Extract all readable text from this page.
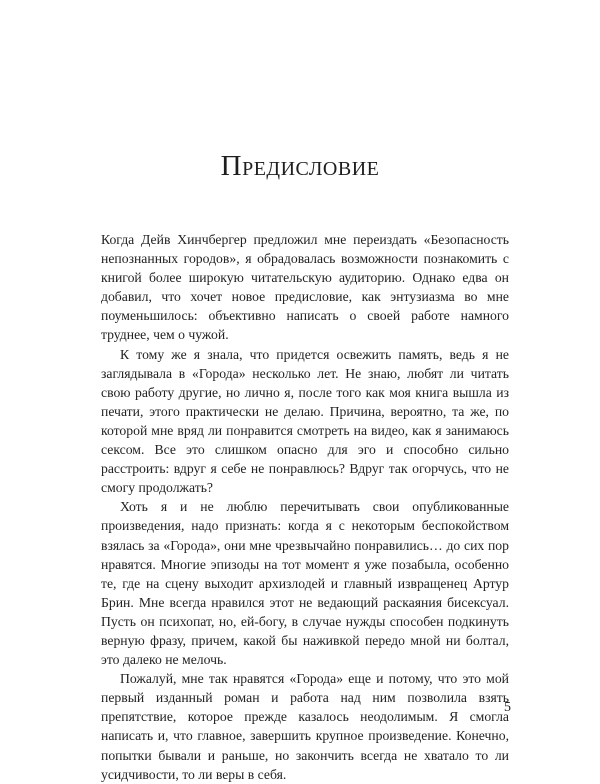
Предисловие

Когда Дейв Хинчбергер предложил мне переиздать «Безопасность непознанных городов», я обрадовалась возможности познакомить с книгой более широкую читательскую аудиторию. Однако едва он добавил, что хочет новое предисловие, как энтузиазма во мне поуменьшилось: объективно написать о своей работе намного труднее, чем о чужой.

К тому же я знала, что придется освежить память, ведь я не заглядывала в «Города» несколько лет. Не знаю, любят ли читать свою работу другие, но лично я, после того как моя книга вышла из печати, этого практически не делаю. Причина, вероятно, та же, по которой мне вряд ли понравится смотреть на видео, как я занимаюсь сексом. Все это слишком опасно для эго и способно сильно расстроить: вдруг я себе не понравлюсь? Вдруг так огорчусь, что не смогу продолжать?

Хоть я и не люблю перечитывать свои опубликованные произведения, надо признать: когда я с некоторым беспокойством взялась за «Города», они мне чрезвычайно понравились… до сих пор нравятся. Многие эпизоды на тот момент я уже позабыла, особенно те, где на сцену выходит архизлодей и главный извращенец Артур Брин. Мне всегда нравился этот не ведающий раскаяния бисексуал. Пусть он психопат, но, ей-богу, в случае нужды способен подкинуть верную фразу, причем, какой бы наживкой передо мной ни болтал, это далеко не мелочь.

Пожалуй, мне так нравятся «Города» еще и потому, что это мой первый изданный роман и работа над ним позволила взять препятствие, которое прежде казалось неодолимым. Я смогла написать и, что главное, завершить крупное произведение. Конечно, попытки бывали и раньше, но закончить всегда не хватало то ли усидчивости, то ли веры в себя.

5
